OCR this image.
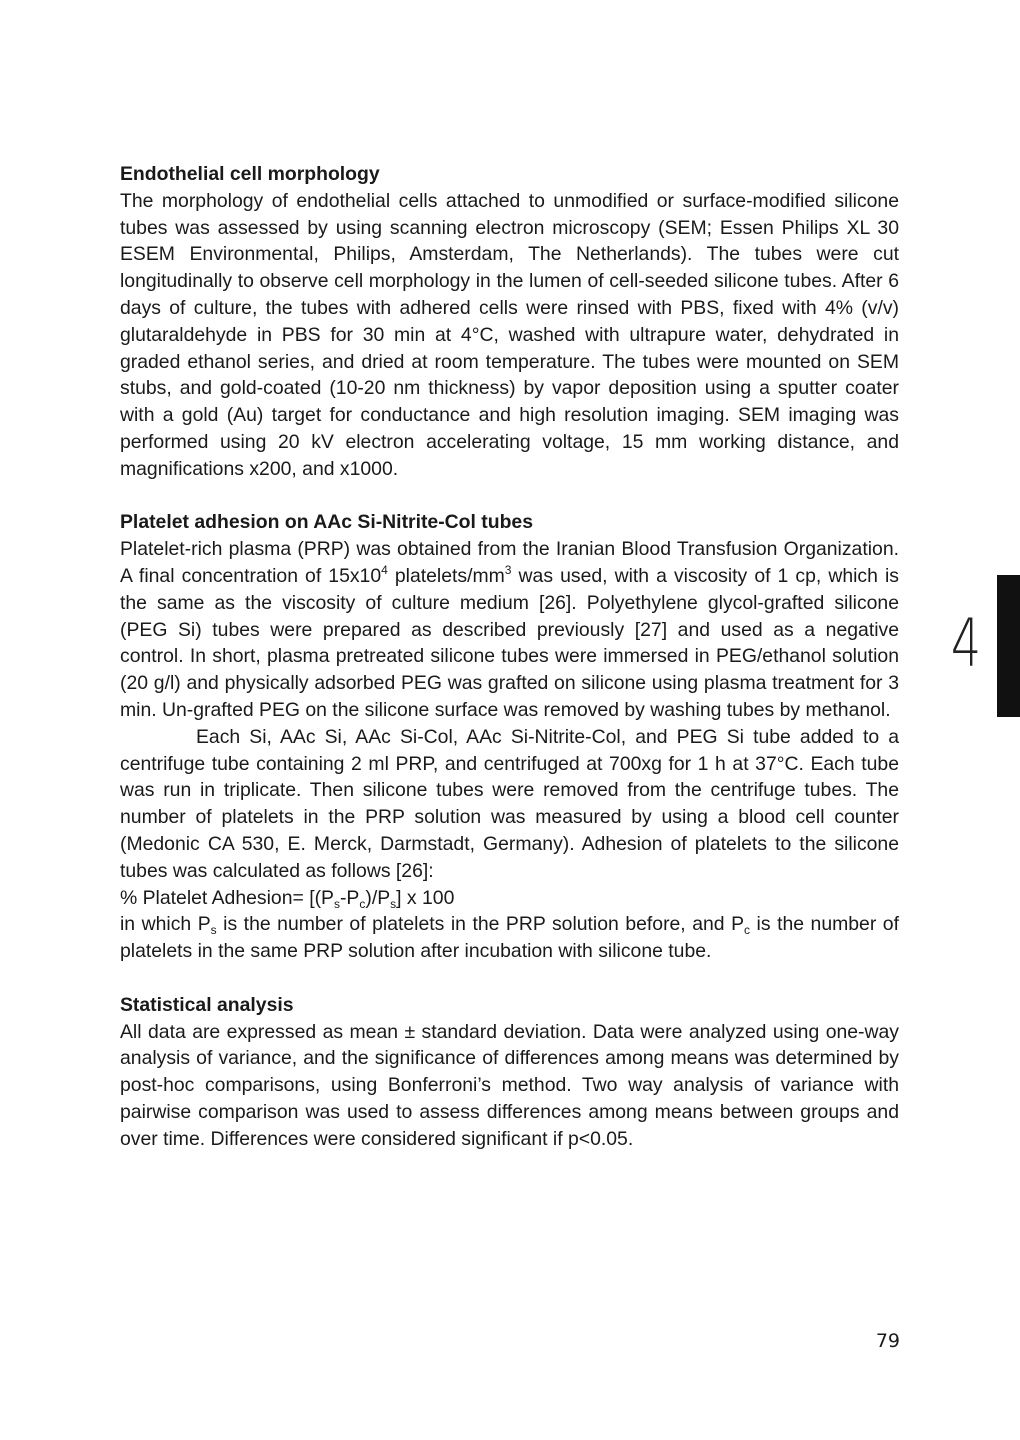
Endothelial cell morphology

The morphology of endothelial cells attached to unmodified or surface-modified silicone tubes was assessed by using scanning electron microscopy (SEM; Essen Philips XL 30 ESEM Environmental, Philips, Amsterdam, The Netherlands). The tubes were cut longitudinally to observe cell morphology in the lumen of cell-seeded silicone tubes. After 6 days of culture, the tubes with adhered cells were rinsed with PBS, fixed with 4% (v/v) glutaraldehyde in PBS for 30 min at 4°C, washed with ultrapure water, dehydrated in graded ethanol series, and dried at room temperature. The tubes were mounted on SEM stubs, and gold-coated (10-20 nm thickness) by vapor deposition using a sputter coater with a gold (Au) target for conductance and high resolution imaging. SEM imaging was performed using 20 kV electron accelerating voltage, 15 mm working distance, and magnifications x200, and x1000.

Platelet adhesion on AAc Si-Nitrite-Col tubes

Platelet-rich plasma (PRP) was obtained from the Iranian Blood Transfusion Organization. A final concentration of $15x10^4$ platelets/$mm^3$ was used, with a viscosity of 1 cp, which is the same as the viscosity of culture medium [26]. Polyethylene glycol-grafted silicone (PEG Si) tubes were prepared as described previously [27] and used as a negative control. In short, plasma pretreated silicone tubes were immersed in PEG/ethanol solution (20 g/l) and physically adsorbed PEG was grafted on silicone using plasma treatment for 3 min. Un-grafted PEG on the silicone surface was removed by washing tubes by methanol.

Each Si, AAc Si, AAc Si-Col, AAc Si-Nitrite-Col, and PEG Si tube added to a centrifuge tube containing 2 ml PRP, and centrifuged at 700xg for 1 h at 37°C. Each tube was run in triplicate. Then silicone tubes were removed from the centrifuge tubes. The number of platelets in the PRP solution was measured by using a blood cell counter (Medonic CA 530, E. Merck, Darmstadt, Germany). Adhesion of platelets to the silicone tubes was calculated as follows [26]:

% Platelet Adhesion= $[(P_s-P_c)/P_s]$ x 100

in which $P_s$ is the number of platelets in the PRP solution before, and $P_c$ is the number of platelets in the same PRP solution after incubation with silicone tube.

Statistical analysis

All data are expressed as mean ± standard deviation. Data were analyzed using one-way analysis of variance, and the significance of differences among means was determined by post-hoc comparisons, using Bonferroni’s method. Two way analysis of variance with pairwise comparison was used to assess differences among means between groups and over time. Differences were considered significant if p<0.05.

4
79
